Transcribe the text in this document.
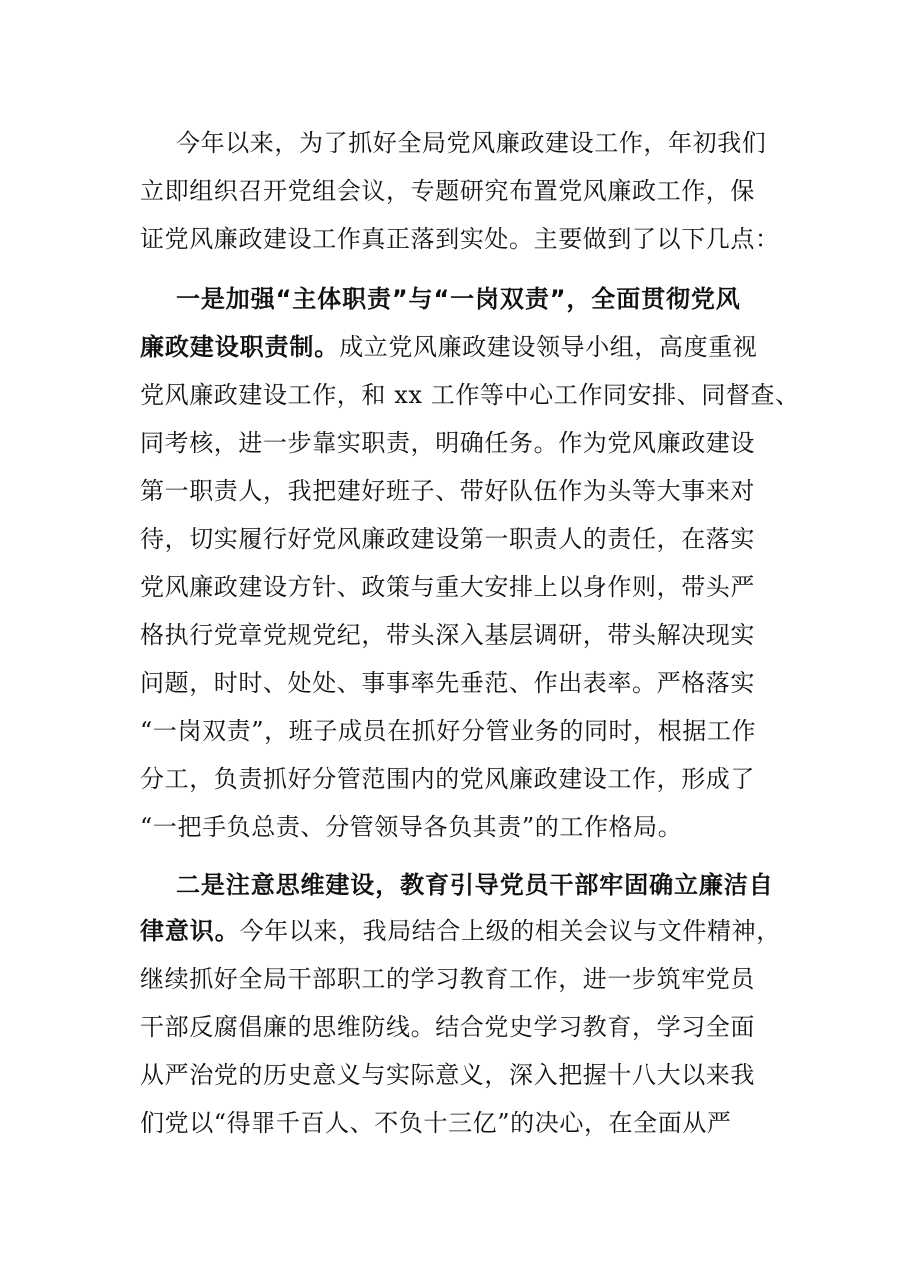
今年以来，为了抓好全局党风廉政建设工作，年初我们
立即组织召开党组会议，专题研究布置党风廉政工作，保
证党风廉政建设工作真正落到实处。主要做到了以下几点：
一是加强“主体职责”与“一岗双责”，全面贯彻党风
廉政建设职责制。成立党风廉政建设领导小组，高度重视
党风廉政建设工作，和 xx 工作等中心工作同安排、同督查、
同考核，进一步靠实职责，明确任务。作为党风廉政建设
第一职责人，我把建好班子、带好队伍作为头等大事来对
待，切实履行好党风廉政建设第一职责人的责任，在落实
党风廉政建设方针、政策与重大安排上以身作则，带头严
格执行党章党规党纪，带头深入基层调研，带头解决现实
问题，时时、处处、事事率先垂范、作出表率。严格落实
“一岗双责”，班子成员在抓好分管业务的同时，根据工作
分工，负责抓好分管范围内的党风廉政建设工作，形成了
“一把手负总责、分管领导各负其责”的工作格局。
二是注意思维建设，教育引导党员干部牢固确立廉洁自
律意识。今年以来，我局结合上级的相关会议与文件精神，
继续抓好全局干部职工的学习教育工作，进一步筑牢党员
干部反腐倡廉的思维防线。结合党史学习教育，学习全面
从严治党的历史意义与实际意义，深入把握十八大以来我
们党以“得罪千百人、不负十三亿”的决心，在全面从严
